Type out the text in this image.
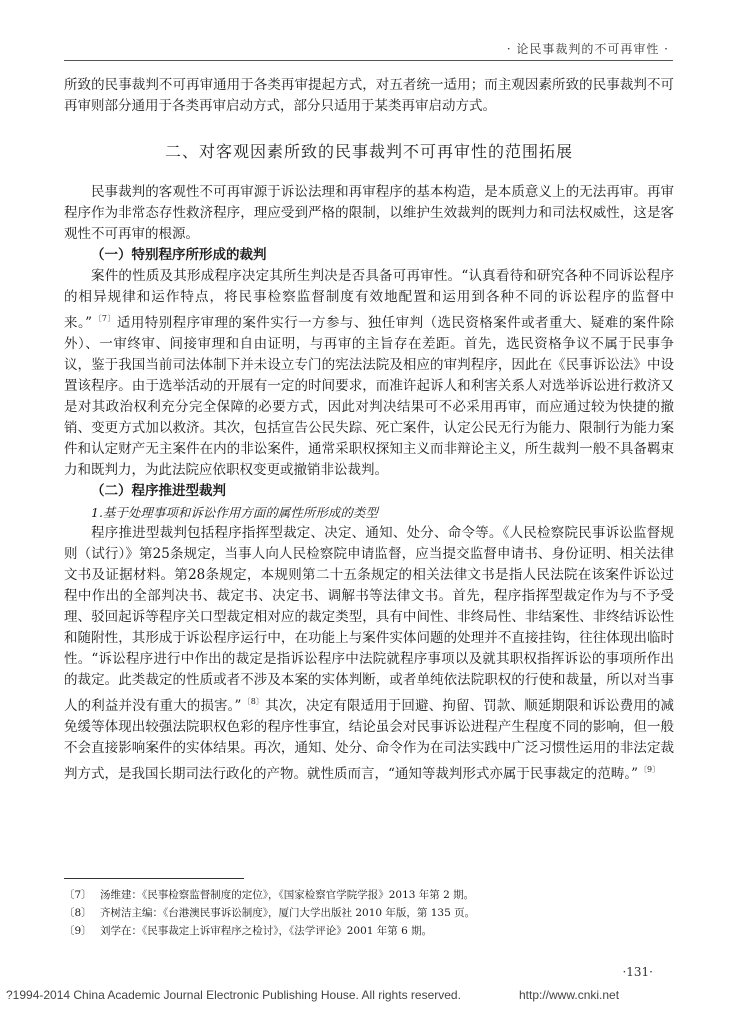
· 论民事裁判的不可再审性 ·

所致的民事裁判不可再审通用于各类再审提起方式，对五者统一适用；而主观因素所致的民事裁判不可再审则部分通用于各类再审启动方式，部分只适用于某类再审启动方式。

二、对客观因素所致的民事裁判不可再审性的范围拓展

民事裁判的客观性不可再审源于诉讼法理和再审程序的基本构造，是本质意义上的无法再审。再审程序作为非常态存性救济程序，理应受到严格的限制，以维护生效裁判的既判力和司法权威性，这是客观性不可再审的根源。

（一）特别程序所形成的裁判

案件的性质及其形成程序决定其所生判决是否具备可再审性。“认真看待和研究各种不同诉讼程序的相异规律和运作特点，将民事检察监督制度有效地配置和运用到各种不同的诉讼程序的监督中来。”$^{〔7〕}$适用特别程序审理的案件实行一方参与、独任审判（选民资格案件或者重大、疑难的案件除外）、一审终审、间接审理和自由证明，与再审的主旨存在差距。首先，选民资格争议不属于民事争议，鉴于我国当前司法体制下并未设立专门的宪法法院及相应的审判程序，因此在《民事诉讼法》中设置该程序。由于选举活动的开展有一定的时间要求，而准许起诉人和利害关系人对选举诉讼进行救济又是对其政治权利充分完全保障的必要方式，因此对判决结果可不必采用再审，而应通过较为快捷的撤销、变更方式加以救济。其次，包括宣告公民失踪、死亡案件，认定公民无行为能力、限制行为能力案件和认定财产无主案件在内的非讼案件，通常采职权探知主义而非辩论主义，所生裁判一般不具备羁束力和既判力，为此法院应依职权变更或撤销非讼裁判。

（二）程序推进型裁判

1.基于处理事项和诉讼作用方面的属性所形成的类型

程序推进型裁判包括程序指挥型裁定、决定、通知、处分、命令等。《人民检察院民事诉讼监督规则（试行）》第25条规定，当事人向人民检察院申请监督，应当提交监督申请书、身份证明、相关法律文书及证据材料。第28条规定，本规则第二十五条规定的相关法律文书是指人民法院在该案件诉讼过程中作出的全部判决书、裁定书、决定书、调解书等法律文书。首先，程序指挥型裁定作为与不予受理、驳回起诉等程序关口型裁定相对应的裁定类型，具有中间性、非终局性、非结案性、非终结诉讼性和随附性，其形成于诉讼程序运行中，在功能上与案件实体问题的处理并不直接挂钩，往往体现出临时性。“诉讼程序进行中作出的裁定是指诉讼程序中法院就程序事项以及就其职权指挥诉讼的事项所作出的裁定。此类裁定的性质或者不涉及本案的实体判断，或者单纯依法院职权的行使和裁量，所以对当事人的利益并没有重大的损害。”$^{〔8〕}$其次，决定有限适用于回避、拘留、罚款、顺延期限和诉讼费用的减免缓等体现出较强法院职权色彩的程序性事宜，结论虽会对民事诉讼进程产生程度不同的影响，但一般不会直接影响案件的实体结果。再次，通知、处分、命令作为在司法实践中广泛习惯性运用的非法定裁判方式，是我国长期司法行政化的产物。就性质而言，“通知等裁判形式亦属于民事裁定的范畴。”$^{〔9〕}$

〔7〕 汤维建：《民事检察监督制度的定位》，《国家检察官学院学报》2013 年第 2 期。

〔8〕 齐树洁主编：《台港澳民事诉讼制度》，厦门大学出版社 2010 年版，第 135 页。

〔9〕 刘学在：《民事裁定上诉审程序之检讨》，《法学评论》2001 年第 6 期。

·131·
?1994-2014 China Academic Journal Electronic Publishing House. All rights reserved.	http://www.cnki.net
